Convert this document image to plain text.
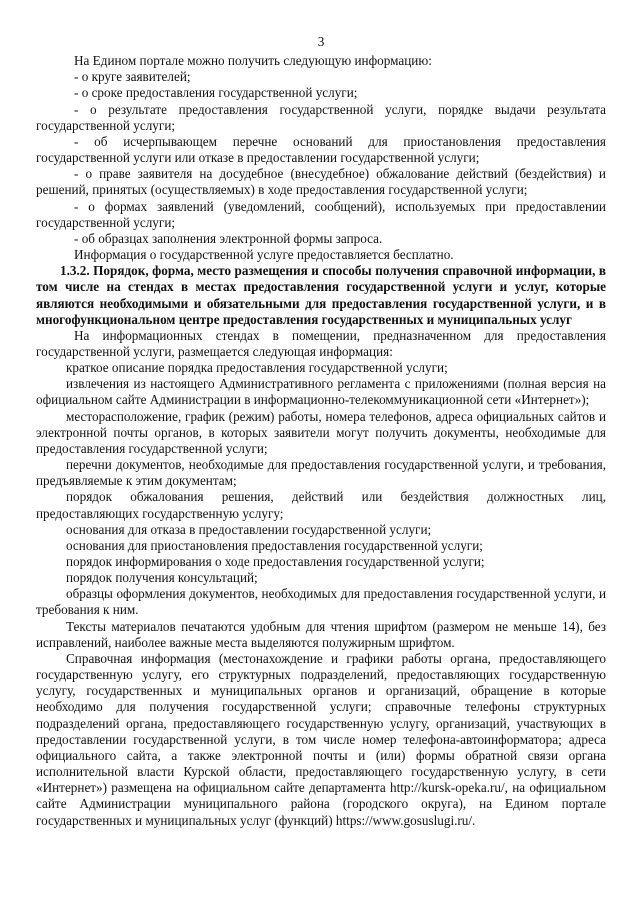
3

На Едином портале можно получить следующую информацию:

- о круге заявителей;

- о сроке предоставления государственной услуги;

- о результате предоставления государственной услуги, порядке выдачи результата государственной услуги;

- об исчерпывающем перечне оснований для приостановления предоставления государственной услуги или отказе в предоставлении государственной услуги;

- о праве заявителя на досудебное (внесудебное) обжалование действий (бездействия) и решений, принятых (осуществляемых) в ходе предоставления государственной услуги;

- о формах заявлений (уведомлений, сообщений), используемых при предоставлении государственной услуги;

- об образцах заполнения электронной формы запроса.

Информация о государственной услуге предоставляется бесплатно.

1.3.2. Порядок, форма, место размещения и способы получения справочной информации, в том числе на стендах в местах предоставления государственной услуги и услуг, которые являются необходимыми и обязательными для предоставления государственной услуги, и в многофункциональном центре предоставления государственных и муниципальных услуг

На информационных стендах в помещении, предназначенном для предоставления государственной услуги, размещается следующая информация:

краткое описание порядка предоставления государственной услуги;

извлечения из настоящего Административного регламента с приложениями (полная версия на официальном сайте Администрации в информационно-телекоммуникационной сети «Интернет»);

месторасположение, график (режим) работы, номера телефонов, адреса официальных сайтов и электронной почты органов, в которых заявители могут получить документы, необходимые для предоставления государственной услуги;

перечни документов, необходимые для предоставления государственной услуги, и требования, предъявляемые к этим документам;

порядок обжалования решения, действий или бездействия должностных лиц, предоставляющих государственную услугу;

основания для отказа в предоставлении государственной услуги;

основания для приостановления предоставления государственной услуги;

порядок информирования о ходе предоставления государственной услуги;

порядок получения консультаций;

образцы оформления документов, необходимых для предоставления государственной услуги, и требования к ним.

Тексты материалов печатаются удобным для чтения шрифтом (размером не меньше 14), без исправлений, наиболее важные места выделяются полужирным шрифтом.

Справочная информация (местонахождение и графики работы органа, предоставляющего государственную услугу, его структурных подразделений, предоставляющих государственную услугу, государственных и муниципальных органов и организаций, обращение в которые необходимо для получения государственной услуги; справочные телефоны структурных подразделений органа, предоставляющего государственную услугу, организаций, участвующих в предоставлении государственной услуги, в том числе номер телефона-автоинформатора; адреса официального сайта, а также электронной почты и (или) формы обратной связи органа исполнительной власти Курской области, предоставляющего государственную услугу, в сети «Интернет») размещена на официальном сайте департамента http://kursk-opeka.ru/, на официальном сайте Администрации муниципального района (городского округа), на Едином портале государственных и муниципальных услуг (функций) https://www.gosuslugi.ru/.
